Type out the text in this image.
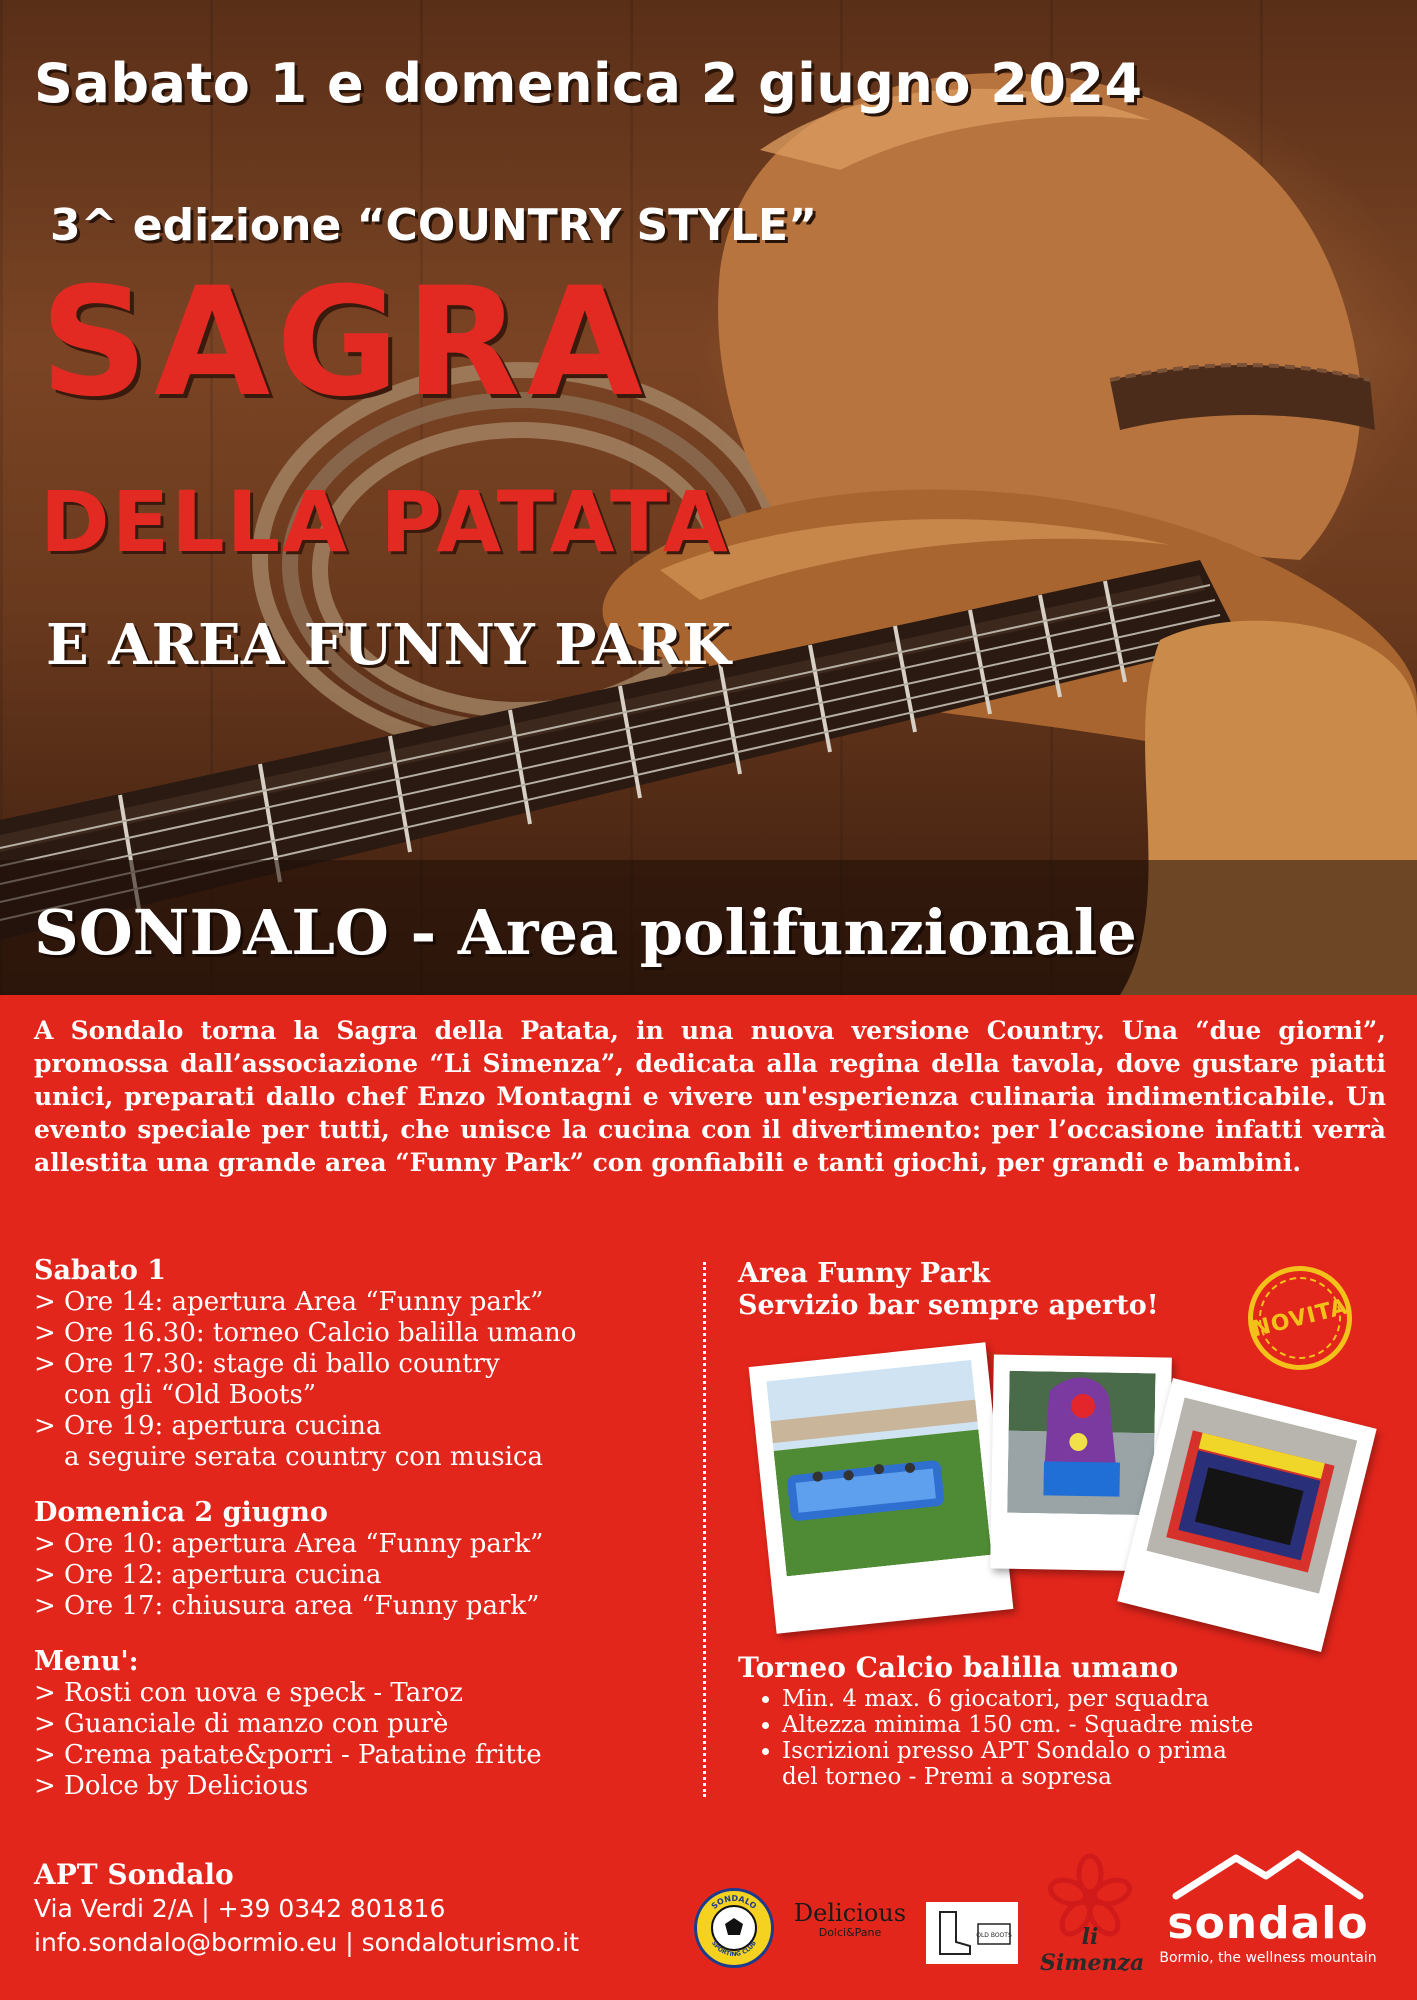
Sabato 1 e domenica 2 giugno 2024

3^ edizione “COUNTRY STYLE”

SAGRA
DELLA PATATA

E AREA FUNNY PARK

SONDALO - Area polifunzionale

A Sondalo torna la Sagra della Patata, in una nuova versione Country. Una “due giorni”, promossa dall’associazione “Li Simenza”, dedicata alla regina della tavola, dove gustare piatti unici, preparati dallo chef Enzo Montagni e vivere un'esperienza culinaria indimenticabile. Un evento speciale per tutti, che unisce la cucina con il divertimento: per l’occasione infatti verrà allestita una grande area “Funny Park” con gonfiabili e tanti giochi, per grandi e bambini.

Sabato 1
> Ore 14: apertura Area “Funny park”
> Ore 16.30: torneo Calcio balilla umano
> Ore 17.30: stage di ballo country
con gli “Old Boots”
> Ore 19: apertura cucina
a seguire serata country con musica
Domenica 2 giugno
> Ore 10: apertura Area “Funny park”
> Ore 12: apertura cucina
> Ore 17: chiusura area “Funny park”
Menu':
> Rosti con uova e speck - Taroz
> Guanciale di manzo con purè
> Crema patate&porri - Patatine fritte
> Dolce by Delicious
Area Funny Park
Servizio bar sempre aperto!	NOVITA
Torneo Calcio balilla umano
• Min. 4 max. 6 giocatori, per squadra
• Altezza minima 150 cm. - Squadre miste
• Iscrizioni presso APT Sondalo o prima
del torneo - Premi a sopresa
APT Sondalo
Via Verdi 2/A | +39 0342 801816
info.sondalo@bormio.eu | sondaloturismo.it
SONDALO
SPORTING CLUB
Delicious
Dolci&Pane	OLD BOOTS	li Simenza
sondalo
Bormio, the wellness mountain
